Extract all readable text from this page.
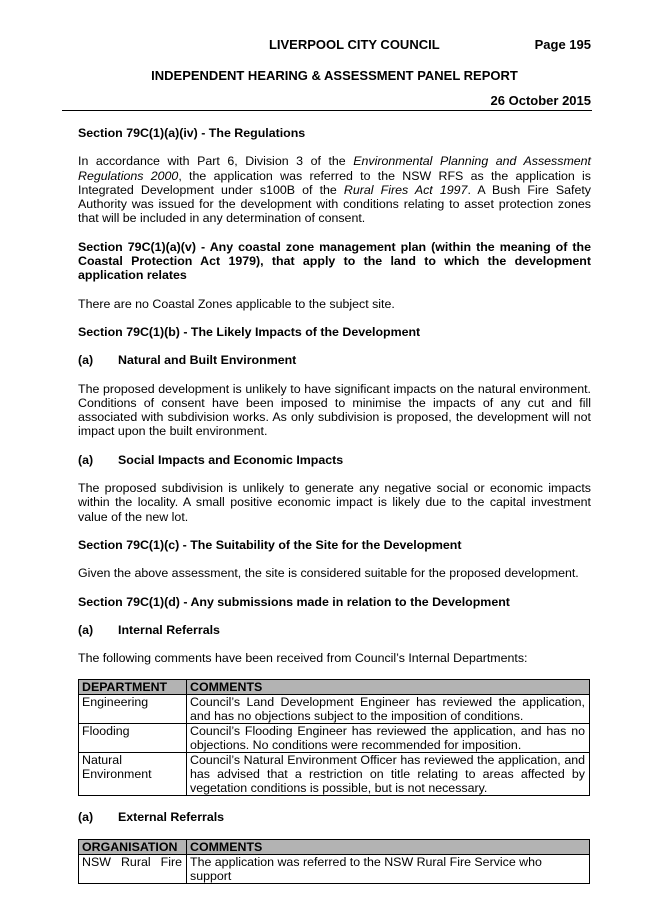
LIVERPOOL CITY COUNCIL	Page 195
INDEPENDENT HEARING & ASSESSMENT PANEL REPORT
26 October 2015
Section 79C(1)(a)(iv) - The Regulations

In accordance with Part 6, Division 3 of the Environmental Planning and Assessment Regulations 2000, the application was referred to the NSW RFS as the application is Integrated Development under s100B of the Rural Fires Act 1997. A Bush Fire Safety Authority was issued for the development with conditions relating to asset protection zones that will be included in any determination of consent.

Section 79C(1)(a)(v) - Any coastal zone management plan (within the meaning of the Coastal Protection Act 1979), that apply to the land to which the development application relates

There are no Coastal Zones applicable to the subject site.

Section 79C(1)(b) - The Likely Impacts of the Development
(a)	Natural and Built Environment

The proposed development is unlikely to have significant impacts on the natural environment. Conditions of consent have been imposed to minimise the impacts of any cut and fill associated with subdivision works. As only subdivision is proposed, the development will not impact upon the built environment.

(a)	Social Impacts and Economic Impacts

The proposed subdivision is unlikely to generate any negative social or economic impacts within the locality. A small positive economic impact is likely due to the capital investment value of the new lot.

Section 79C(1)(c) - The Suitability of the Site for the Development

Given the above assessment, the site is considered suitable for the proposed development.

Section 79C(1)(d) - Any submissions made in relation to the Development
(a)	Internal Referrals

The following comments have been received from Council’s Internal Departments:

DEPARTMENT	COMMENTS
Engineering	Council’s Land Development Engineer has reviewed the application, and has no objections subject to the imposition of conditions.
Flooding	Council’s Flooding Engineer has reviewed the application, and has no objections. No conditions were recommended for imposition.
Natural Environment	Council’s Natural Environment Officer has reviewed the application, and has advised that a restriction on title relating to areas affected by vegetation conditions is possible, but is not necessary.
(a)	External Referrals
ORGANISATION	COMMENTS
NSW Rural Fire	The application was referred to the NSW Rural Fire Service who support
